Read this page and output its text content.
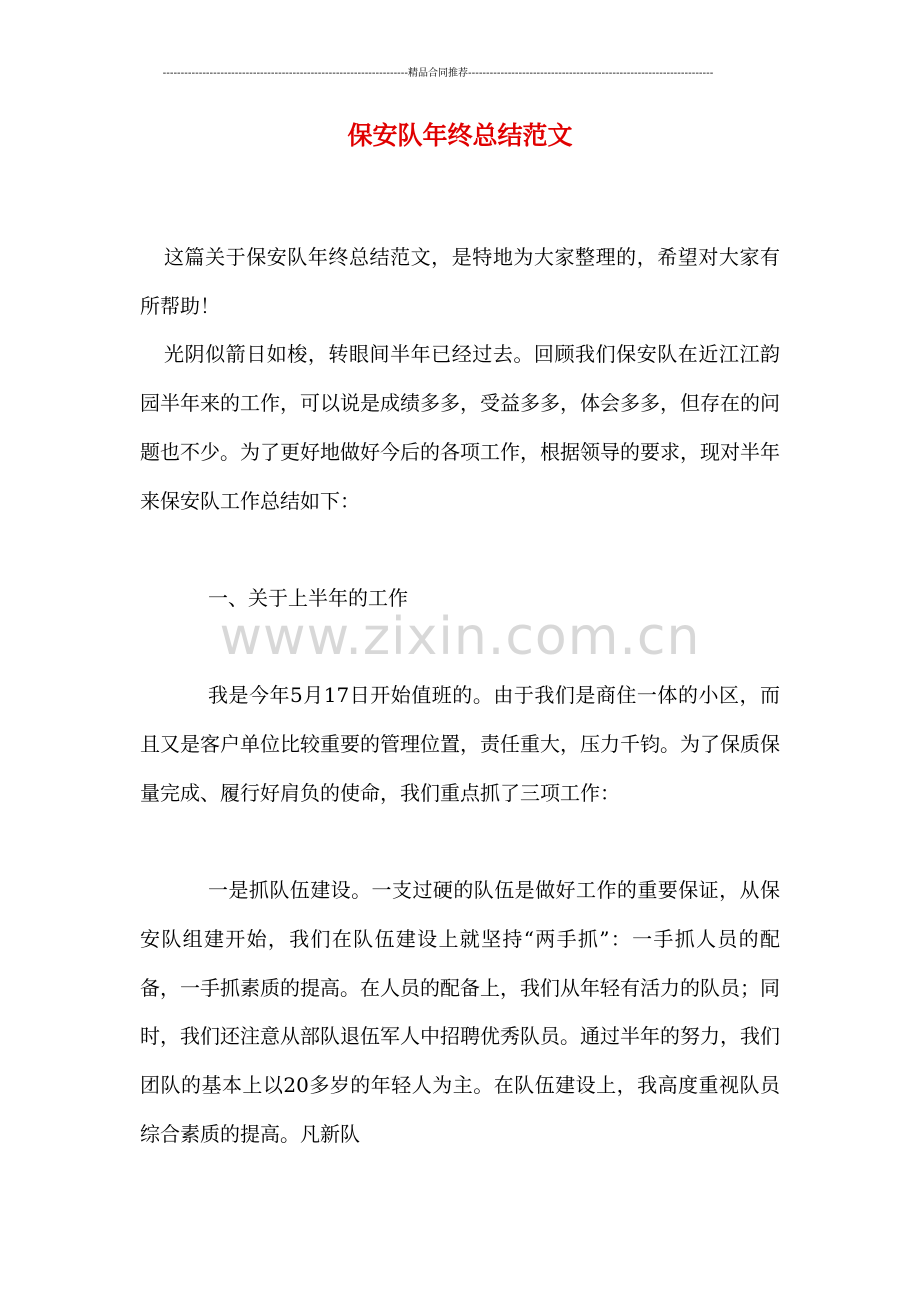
--------------------------------------------------------------------精品合同推荐--------------------------------------------------------------------
保安队年终总结范文
www.zixin.com.cn

这篇关于保安队年终总结范文，是特地为大家整理的，希望对大家有所帮助！

光阴似箭日如梭，转眼间半年已经过去。回顾我们保安队在近江江韵园半年来的工作，可以说是成绩多多，受益多多，体会多多，但存在的问题也不少。为了更好地做好今后的各项工作，根据领导的要求，现对半年来保安队工作总结如下：

一、关于上半年的工作

我是今年5月17日开始值班的。由于我们是商住一体的小区，而且又是客户单位比较重要的管理位置，责任重大，压力千钧。为了保质保量完成、履行好肩负的使命，我们重点抓了三项工作：

一是抓队伍建设。一支过硬的队伍是做好工作的重要保证，从保安队组建开始，我们在队伍建设上就坚持“两手抓”：一手抓人员的配备，一手抓素质的提高。在人员的配备上，我们从年轻有活力的队员；同时，我们还注意从部队退伍军人中招聘优秀队员。通过半年的努力，我们团队的基本上以20多岁的年轻人为主。在队伍建设上，我高度重视队员综合素质的提高。凡新队
